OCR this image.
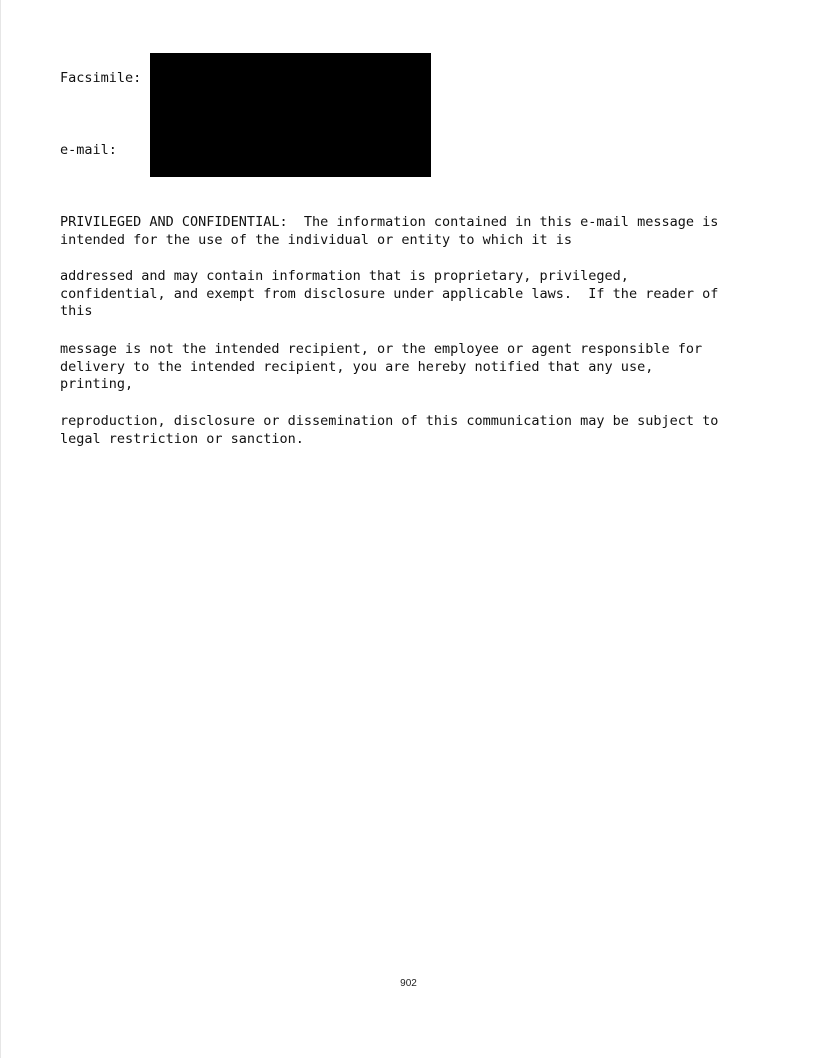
Facsimile:
e-mail:
PRIVILEGED AND CONFIDENTIAL:  The information contained in this e-mail message is
intended for the use of the individual or entity to which it is
addressed and may contain information that is proprietary, privileged,
confidential, and exempt from disclosure under applicable laws.  If the reader of
this
message is not the intended recipient, or the employee or agent responsible for
delivery to the intended recipient, you are hereby notified that any use,
printing,
reproduction, disclosure or dissemination of this communication may be subject to
legal restriction or sanction.
902
